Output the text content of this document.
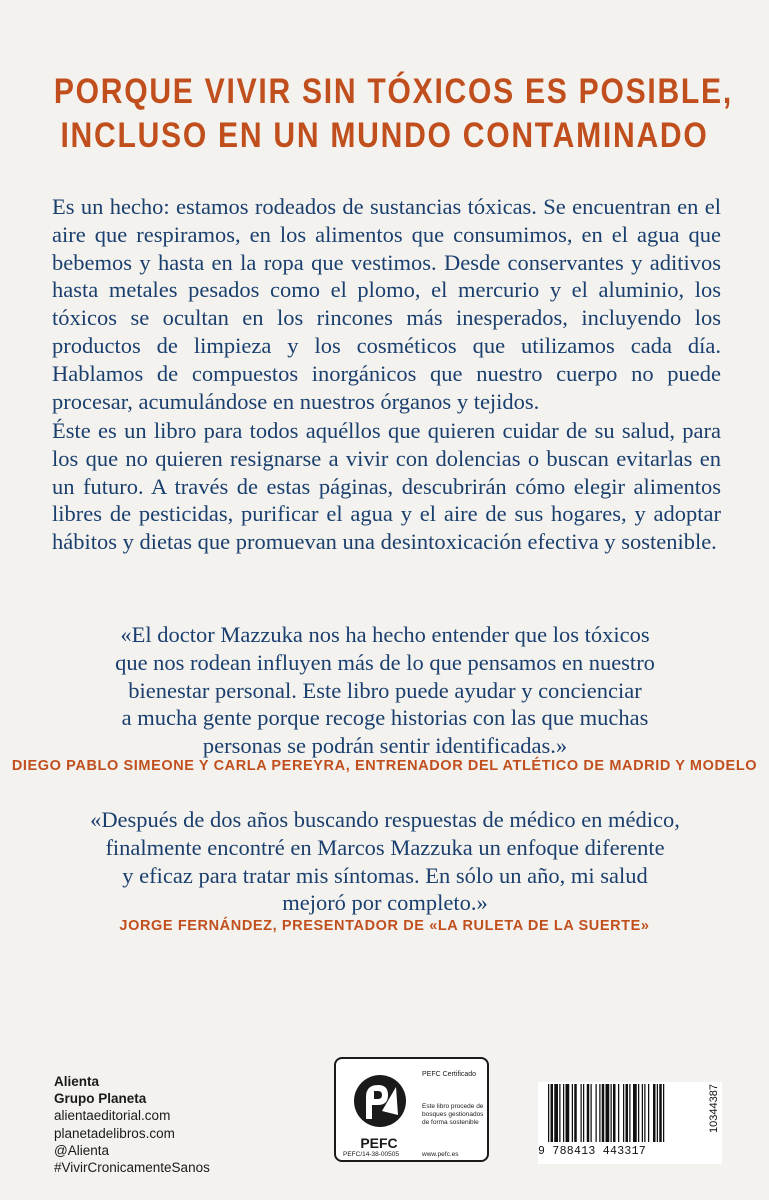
PORQUE VIVIR SIN TÓXICOS ES POSIBLE,
INCLUSO EN UN MUNDO CONTAMINADO

Es un hecho: estamos rodeados de sustancias tóxicas. Se encuentran en el aire que respiramos, en los alimentos que consumimos, en el agua que bebemos y hasta en la ropa que vestimos. Desde conservantes y aditivos hasta metales pesados como el plomo, el mercurio y el aluminio, los tóxicos se ocultan en los rincones más inesperados, incluyendo los productos de limpieza y los cosméticos que utilizamos cada día. Hablamos de compuestos inorgánicos que nuestro cuerpo no puede procesar, acumulándose en nuestros órganos y tejidos.

Éste es un libro para todos aquéllos que quieren cuidar de su salud, para los que no quieren resignarse a vivir con dolencias o buscan evitarlas en un futuro. A través de estas páginas, descubrirán cómo elegir alimentos libres de pesticidas, purificar el agua y el aire de sus hogares, y adoptar hábitos y dietas que promuevan una desintoxicación efectiva y sostenible.

«El doctor Mazzuka nos ha hecho entender que los tóxicos
que nos rodean influyen más de lo que pensamos en nuestro
bienestar personal. Este libro puede ayudar y concienciar
a mucha gente porque recoge historias con las que muchas
personas se podrán sentir identificadas.»
DIEGO PABLO SIMEONE Y CARLA PEREYRA, ENTRENADOR DEL ATLÉTICO DE MADRID Y MODELO
«Después de dos años buscando respuestas de médico en médico,
finalmente encontré en Marcos Mazzuka un enfoque diferente
y eficaz para tratar mis síntomas. En sólo un año, mi salud
mejoró por completo.»
JORGE FERNÁNDEZ, PRESENTADOR DE «LA RULETA DE LA SUERTE»
Alienta
Grupo Planeta
alientaeditorial.com
planetadelibros.com
@Alienta
#VivirCronicamenteSanos
PEFC
PEFC Certificado
Este libro procede de bosques gestionados de forma sostenible
PEFC/14-38-00505	www.pefc.es	9 788413 443317
10344387
